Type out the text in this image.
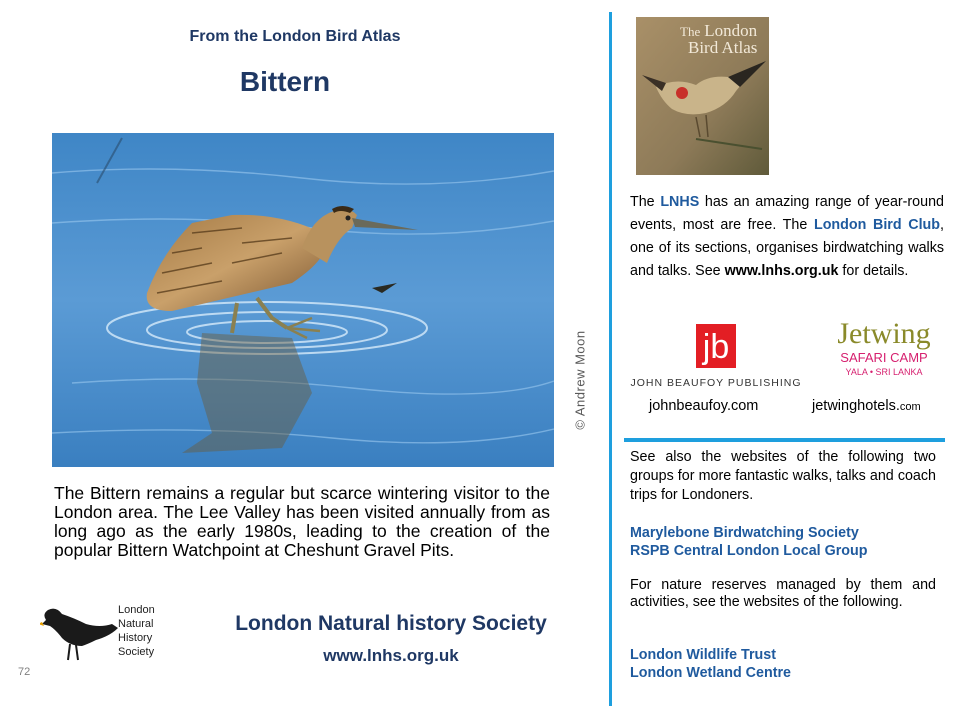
From the London Bird Atlas
Bittern
© Andrew Moon
The Bittern remains a regular but scarce wintering visitor to the London area. The Lee Valley has been visited annually from as long ago as the early 1980s, leading to the creation of the popular Bittern Watchpoint at Cheshunt Gravel Pits.
London
Natural
History
Society
London Natural history Society
www.lnhs.org.uk
72
The London
Bird Atlas
The LNHS has an amazing range of year-round events, most are free. The London Bird Club, one of its sections, organises birdwatching walks and talks. See www.lnhs.org.uk for details.
jb
JOHN BEAUFOY PUBLISHING
Jetwing
SAFARI CAMP
YALA • SRI LANKA
johnbeaufoy.com	jetwinghotels.com
See also the websites of the following two groups for more fantastic walks, talks and coach trips for Londoners.
Marylebone Birdwatching Society
RSPB Central London Local Group
For nature reserves managed by them and activities, see the websites of the following.
London Wildlife Trust
London Wetland Centre
